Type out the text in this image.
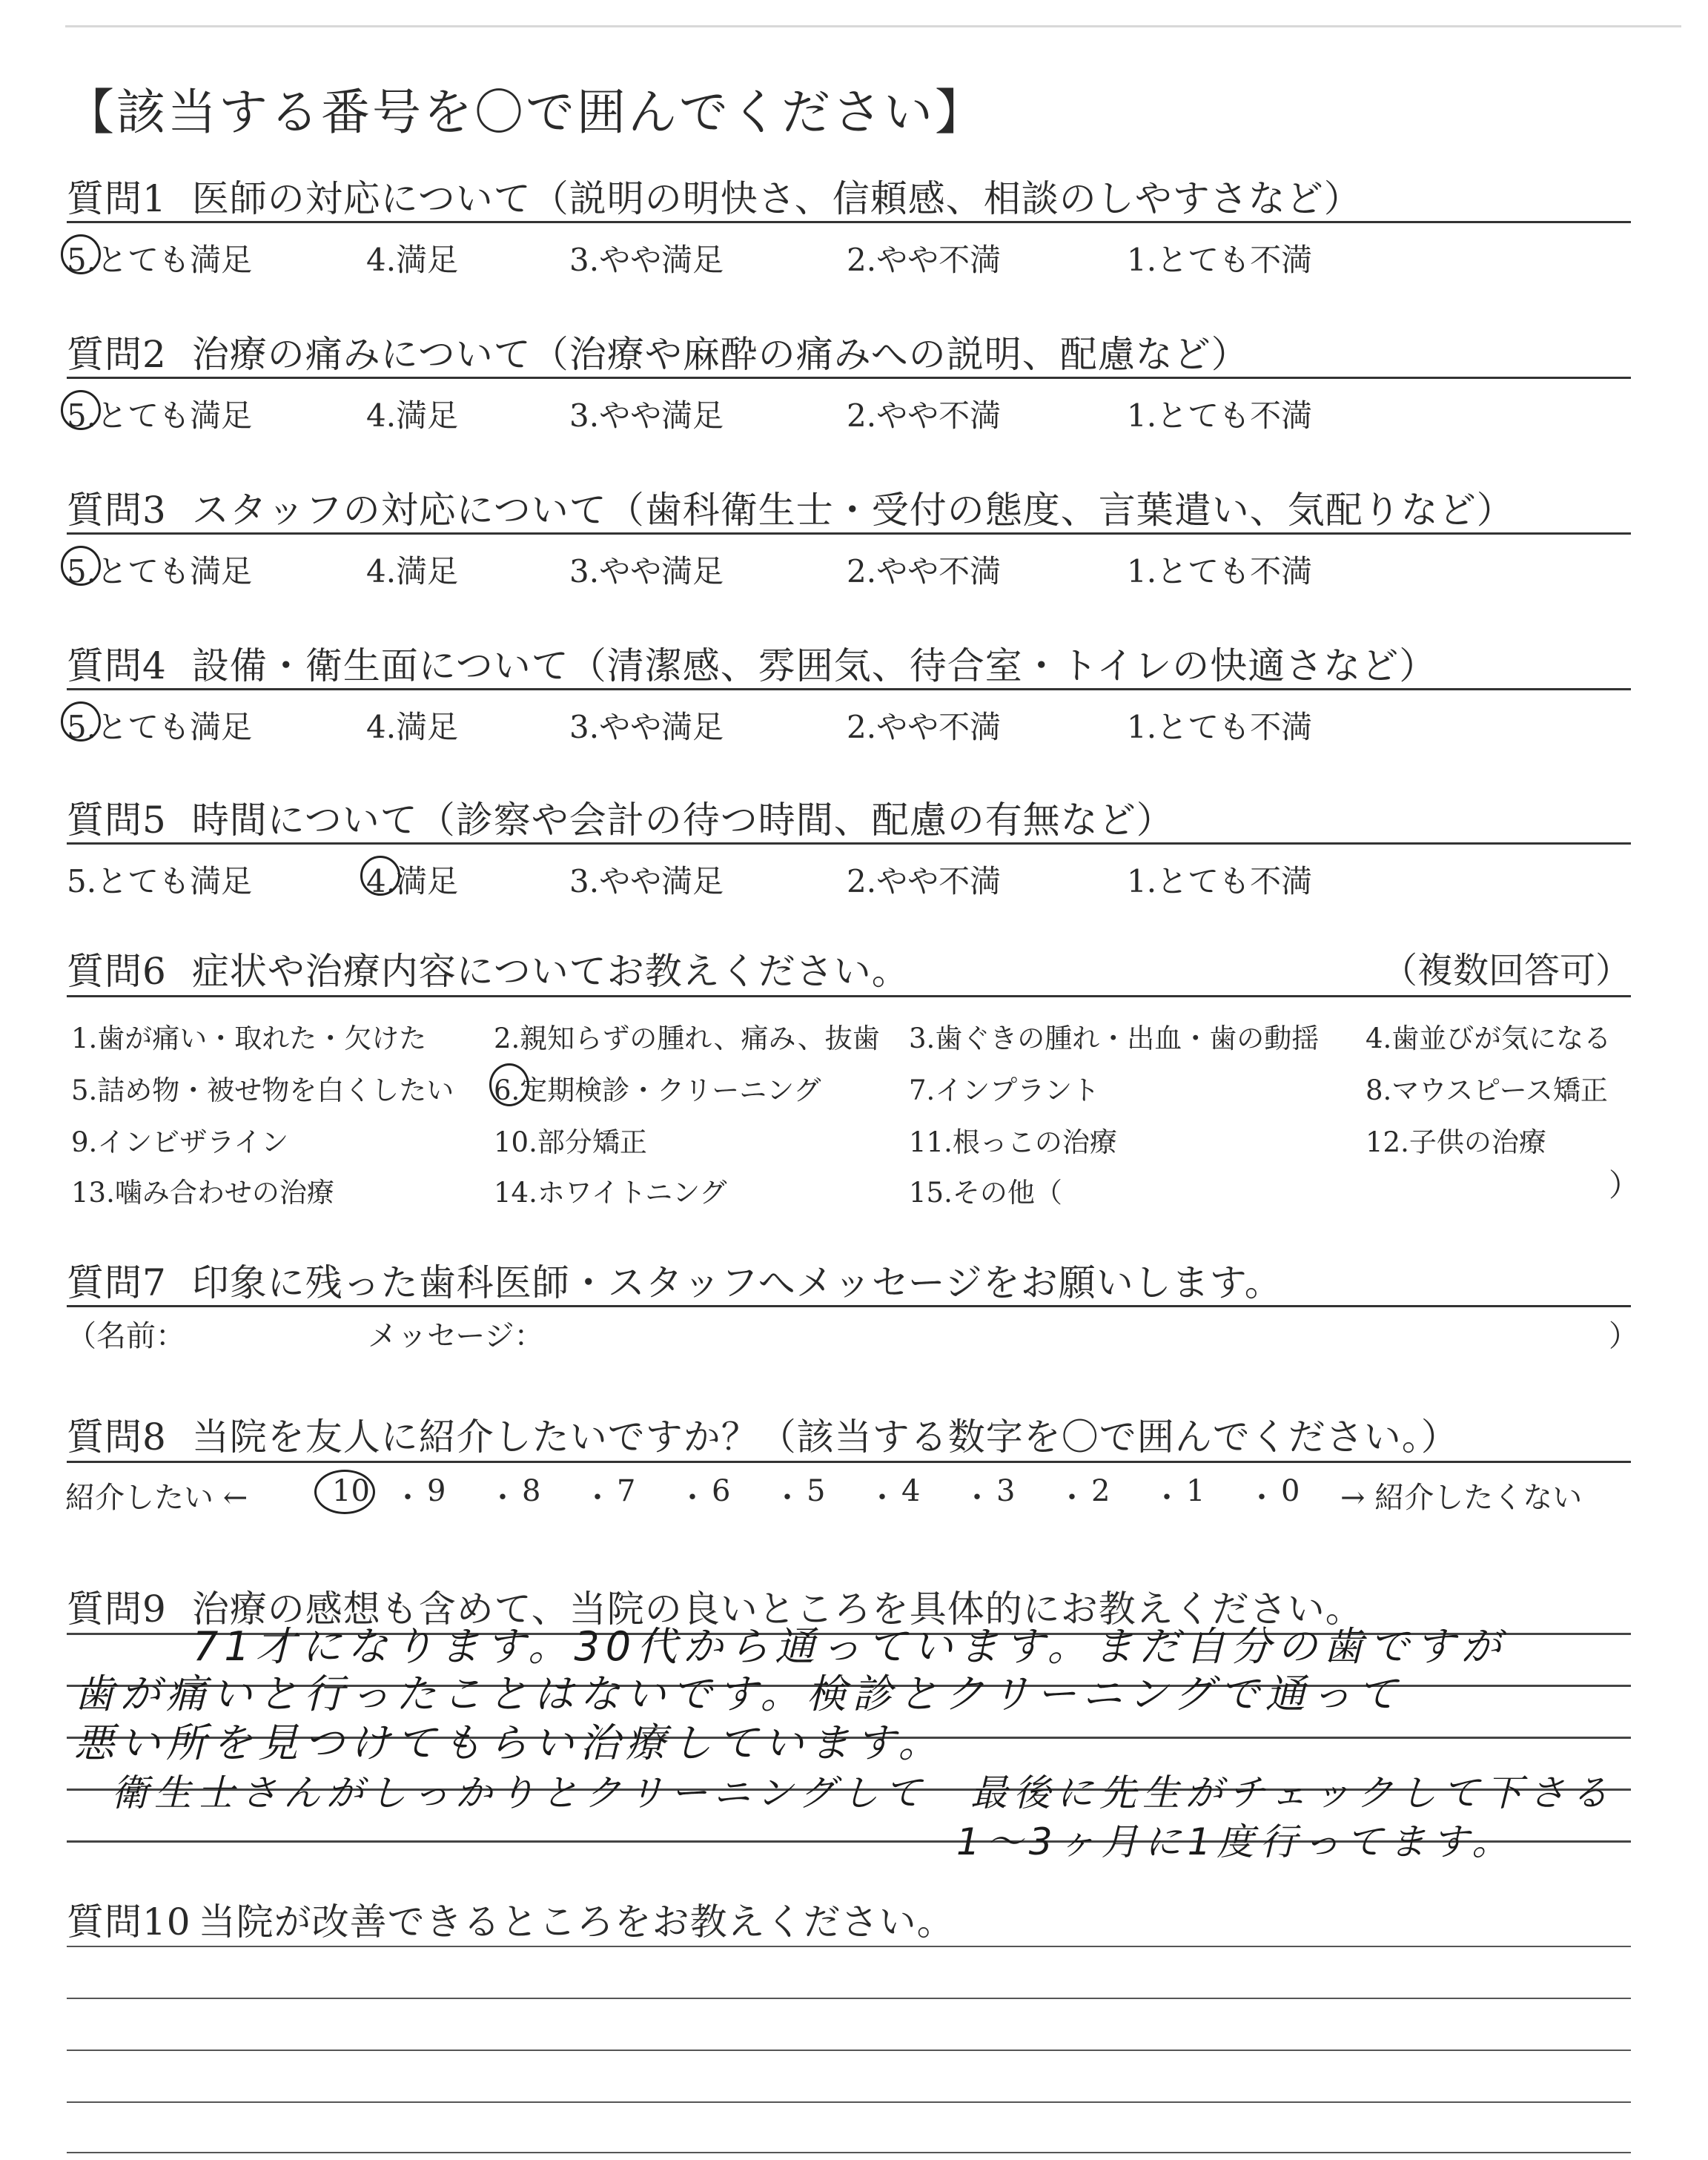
【該当する番号を〇で囲んでください】
質問1 医師の対応について（説明の明快さ、信頼感、相談のしやすさなど）
5.とても満足	4.満足	3.やや満足	2.やや不満	1.とても不満
質問2 治療の痛みについて（治療や麻酔の痛みへの説明、配慮など）
5.とても満足	4.満足	3.やや満足	2.やや不満	1.とても不満
質問3 スタッフの対応について（歯科衛生士・受付の態度、言葉遣い、気配りなど）
5.とても満足	4.満足	3.やや満足	2.やや不満	1.とても不満
質問4 設備・衛生面について（清潔感、雰囲気、待合室・トイレの快適さなど）
5.とても満足	4.満足	3.やや満足	2.やや不満	1.とても不満
質問5 時間について（診察や会計の待つ時間、配慮の有無など）
5.とても満足	4.満足	3.やや満足	2.やや不満	1.とても不満
質問6 症状や治療内容についてお教えください。	（複数回答可）
1.歯が痛い・取れた・欠けた 2.親知らずの腫れ、痛み、抜歯 3.歯ぐきの腫れ・出血・歯の動揺 4.歯並びが気になる
5.詰め物・被せ物を白くしたい 6.定期検診・クリーニング	7.インプラント	8.マウスピース矯正
9.インビザライン	10.部分矯正	11.根っこの治療	12.子供の治療
13.噛み合わせの治療	14.ホワイトニング	15.その他（	）
質問7 印象に残った歯科医師・スタッフへメッセージをお願いします。
（名前：	メッセージ：	）
質問8 当院を友人に紹介したいですか？（該当する数字を〇で囲んでください。）
紹介したい ←	10 ・ 9 ・ 8 ・ 7 ・ 6 ・ 5 ・ 4 ・ 3 ・ 2 ・ 1 ・ 0 → 紹介したくない
質問9 治療の感想も含めて、当院の良いところを具体的にお教えください。
71才になります。30代から通っています。まだ自分の歯ですが
歯が痛いと行ったことはないです。検診とクリーニングで通って
悪い所を見つけてもらい治療しています。
衛生士さんがしっかりとクリーニングして　最後に先生がチェックして下さる
1〜3ヶ月に1度行ってます。
質問10 当院が改善できるところをお教えください。
